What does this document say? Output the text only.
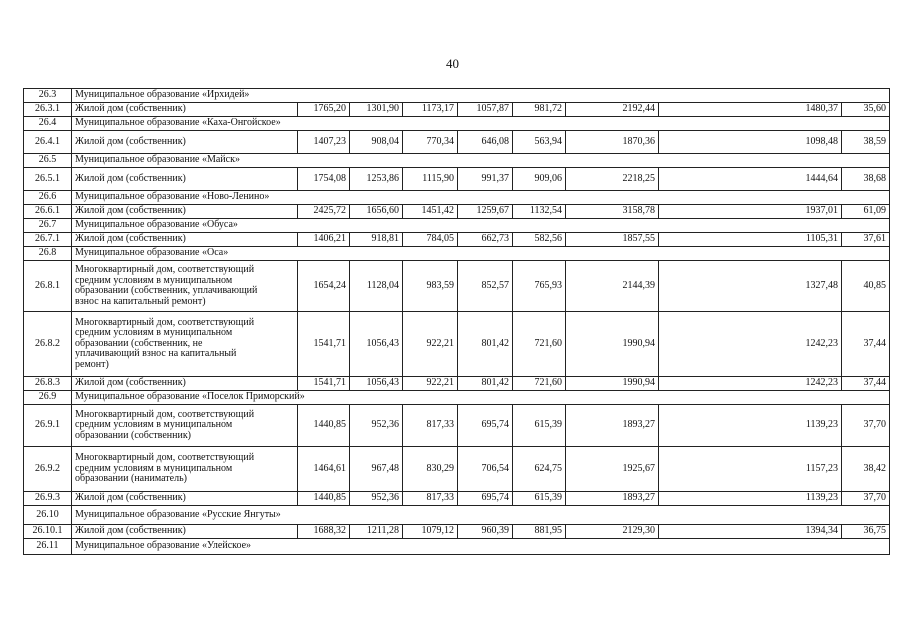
40
26.3	Муниципальное образование «Ирхидей»								
26.3.1	Жилой дом (собственник)	1765,20	1301,90	1173,17	1057,87	981,72	2192,44	1480,37	35,60
26.4	Муниципальное образование «Каха-Онгойское»								
26.4.1	Жилой дом (собственник)	1407,23	908,04	770,34	646,08	563,94	1870,36	1098,48	38,59
26.5	Муниципальное образование «Майск»								
26.5.1	Жилой дом (собственник)	1754,08	1253,86	1115,90	991,37	909,06	2218,25	1444,64	38,68
26.6	Муниципальное образование «Ново-Ленино»								
26.6.1	Жилой дом (собственник)	2425,72	1656,60	1451,42	1259,67	1132,54	3158,78	1937,01	61,09
26.7	Муниципальное образование «Обуса»								
26.7.1	Жилой дом (собственник)	1406,21	918,81	784,05	662,73	582,56	1857,55	1105,31	37,61
26.8	Муниципальное образование «Оса»								
26.8.1	Многоквартирный дом, соответствующий
средним условиям в муниципальном
образовании (собственник, уплачивающий
взнос на капитальный ремонт)	1654,24	1128,04	983,59	852,57	765,93	2144,39	1327,48	40,85
26.8.2	Многоквартирный дом, соответствующий
средним условиям в муниципальном
образовании (собственник, не
уплачивающий взнос на капитальный
ремонт)	1541,71	1056,43	922,21	801,42	721,60	1990,94	1242,23	37,44
26.8.3	Жилой дом (собственник)	1541,71	1056,43	922,21	801,42	721,60	1990,94	1242,23	37,44
26.9	Муниципальное образование «Поселок Приморский»								
26.9.1	Многоквартирный дом, соответствующий
средним условиям в муниципальном
образовании (собственник)	1440,85	952,36	817,33	695,74	615,39	1893,27	1139,23	37,70
26.9.2	Многоквартирный дом, соответствующий
средним условиям в муниципальном
образовании (наниматель)	1464,61	967,48	830,29	706,54	624,75	1925,67	1157,23	38,42
26.9.3	Жилой дом (собственник)	1440,85	952,36	817,33	695,74	615,39	1893,27	1139,23	37,70
26.10	Муниципальное образование «Русские Янгуты»								
26.10.1	Жилой дом (собственник)	1688,32	1211,28	1079,12	960,39	881,95	2129,30	1394,34	36,75
26.11	Муниципальное образование «Улейское»								
